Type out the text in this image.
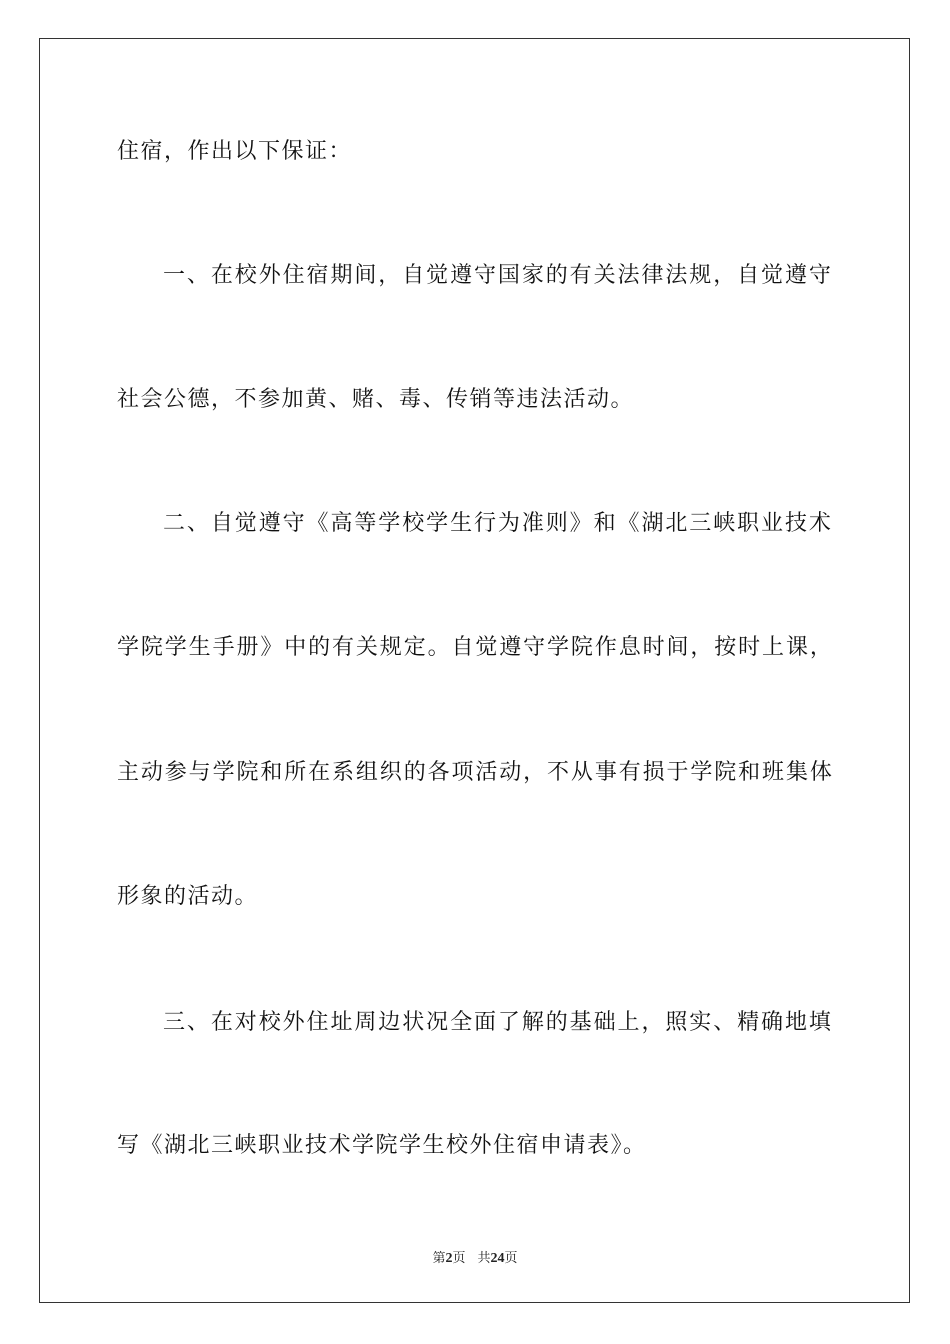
住宿，作出以下保证：
一 、 在 校 外 住 宿 期 间 ， 自 觉 遵 守 国 家 的 有 关 法 律 法 规 ， 自 觉 遵 守
社会公德，不参加黄、赌、毒、传销等违法活动。
二 、 自 觉 遵 守 《 高 等 学 校 学 生 行 为 准 则 》 和 《 湖 北 三 峡 职 业 技 术
学 院 学 生 手 册 》 中 的 有 关 规 定 。 自 觉 遵 守 学 院 作 息 时 间 ， 按 时 上 课 ，
主 动 参 与 学 院 和 所 在 系 组 织 的 各 项 活 动 ， 不 从 事 有 损 于 学 院 和 班 集 体
形象的活动。
三 、 在 对 校 外 住 址 周 边 状 况 全 面 了 解 的 基 础 上 ， 照 实 、 精 确 地 填
写《湖北三峡职业技术学院学生校外住宿申请表》。
第2页 共24页
